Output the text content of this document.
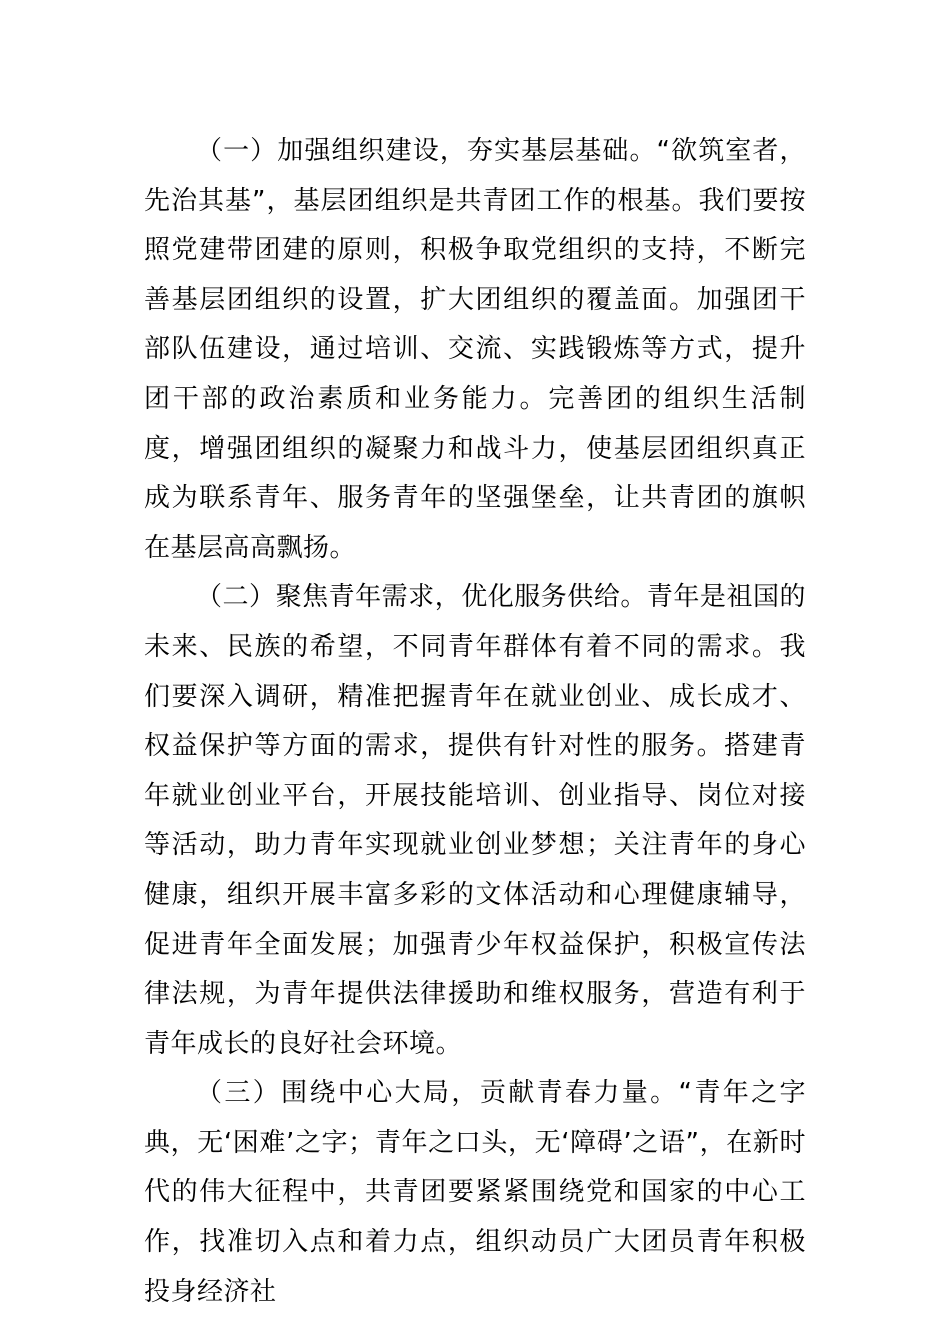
（一）加强组织建设，夯实基层基础。“欲筑室者，先治其基”，基层团组织是共青团工作的根基。我们要按照党建带团建的原则，积极争取党组织的支持，不断完善基层团组织的设置，扩大团组织的覆盖面。加强团干部队伍建设，通过培训、交流、实践锻炼等方式，提升团干部的政治素质和业务能力。完善团的组织生活制度，增强团组织的凝聚力和战斗力，使基层团组织真正成为联系青年、服务青年的坚强堡垒，让共青团的旗帜在基层高高飘扬。

（二）聚焦青年需求，优化服务供给。青年是祖国的未来、民族的希望，不同青年群体有着不同的需求。我们要深入调研，精准把握青年在就业创业、成长成才、权益保护等方面的需求，提供有针对性的服务。搭建青年就业创业平台，开展技能培训、创业指导、岗位对接等活动，助力青年实现就业创业梦想；关注青年的身心健康，组织开展丰富多彩的文体活动和心理健康辅导，促进青年全面发展；加强青少年权益保护，积极宣传法律法规，为青年提供法律援助和维权服务，营造有利于青年成长的良好社会环境。

（三）围绕中心大局，贡献青春力量。“青年之字典，无‘困难’之字；青年之口头，无‘障碍’之语”，在新时代的伟大征程中，共青团要紧紧围绕党和国家的中心工作，找准切入点和着力点，组织动员广大团员青年积极投身经济社
